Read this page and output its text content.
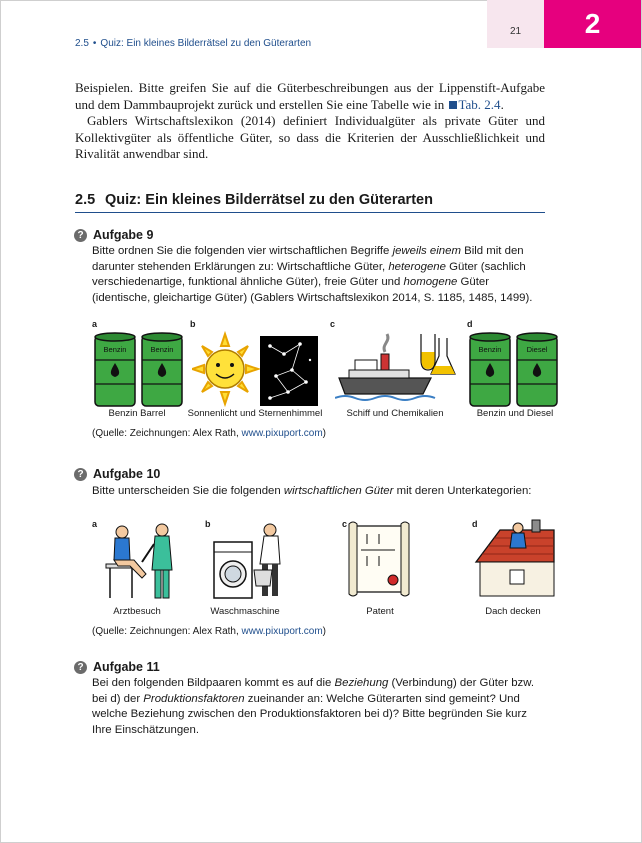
21	2
2.5 • Quiz: Ein kleines Bilderrätsel zu den Güterarten
Beispielen. Bitte greifen Sie auf die Güterbeschreibungen aus der Lippenstift-Aufgabe und dem Dammbauprojekt zurück und erstellen Sie eine Tabelle wie in Tab. 2.4.
Gablers Wirtschaftslexikon (2014) definiert Individualgüter als private Güter und Kollektivgüter als öffentliche Güter, so dass die Kriterien der Ausschließlichkeit und Rivalität anwendbar sind.
2.5 Quiz: Ein kleines Bilderrätsel zu den Güterarten
? Aufgabe 9
Bitte ordnen Sie die folgenden vier wirtschaftlichen Begriffe jeweils einem Bild mit den darunter stehenden Erklärungen zu: Wirtschaftliche Güter, heterogene Güter (sachlich verschiedenartige, funktional ähnliche Güter), freie Güter und homogene Güter (identische, gleichartige Güter) (Gablers Wirtschaftslexikon 2014, S. 1185, 1485, 1499).
a	b	c	d
Benzin	Benzin
Benzin Barrel	Sonnenlicht und Sternenhimmel	Schiff und Chemikalien
Benzin	Diesel
Benzin und Diesel
(Quelle: Zeichnungen: Alex Rath, www.pixuport.com)
? Aufgabe 10
Bitte unterscheiden Sie die folgenden wirtschaftlichen Güter mit deren Unterkategorien:
a	b	c	d
Arztbesuch	Waschmaschine	Patent	Dach decken
(Quelle: Zeichnungen: Alex Rath, www.pixuport.com)
? Aufgabe 11
Bei den folgenden Bildpaaren kommt es auf die Beziehung (Verbindung) der Güter bzw. bei d) der Produktionsfaktoren zueinander an: Welche Güterarten sind gemeint? Und welche Beziehung zwischen den Produktionsfaktoren bei d)? Bitte begründen Sie kurz Ihre Einschätzungen.
